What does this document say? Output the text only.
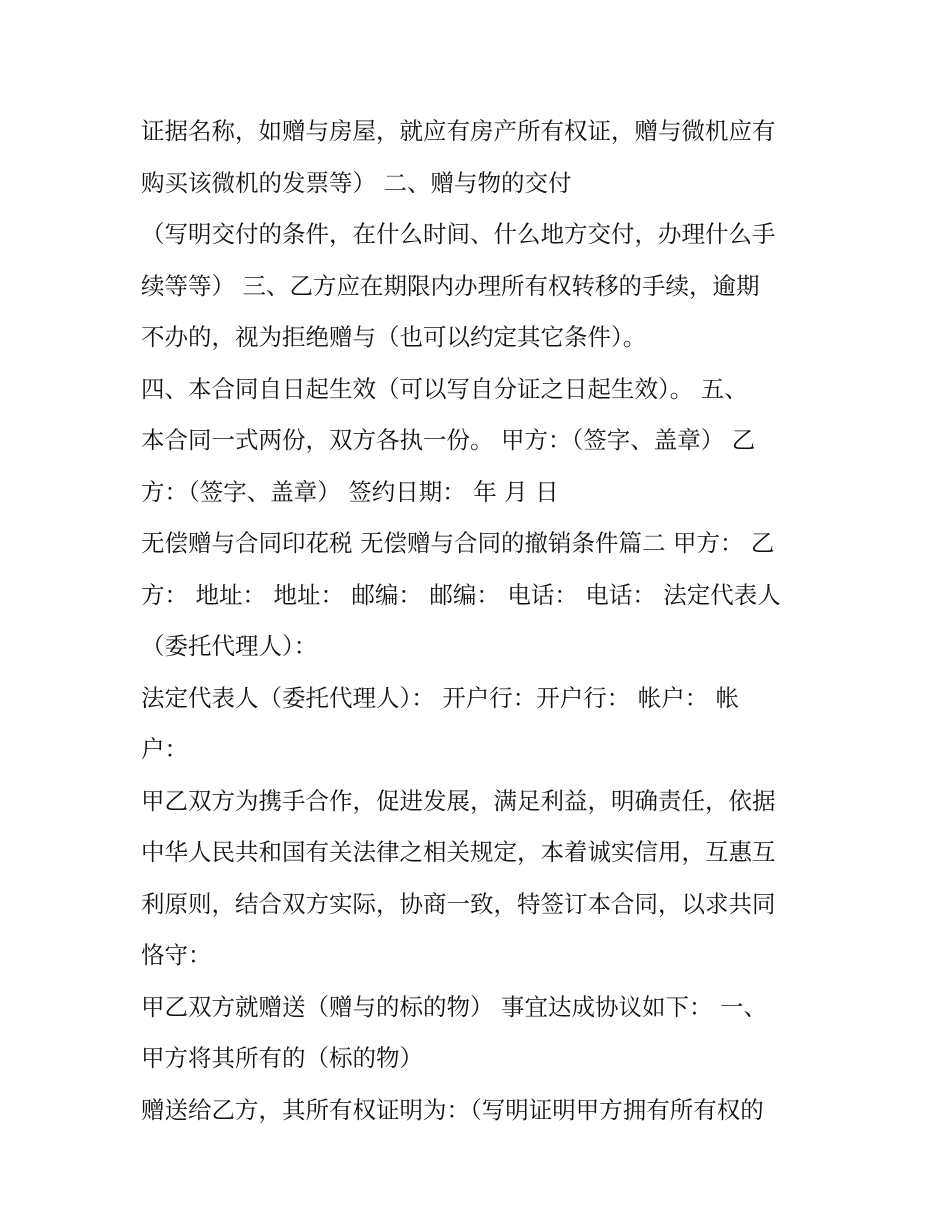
证据名称，如赠与房屋，就应有房产所有权证，赠与微机应有
购买该微机的发票等） 二、赠与物的交付
（写明交付的条件，在什么时间、什么地方交付，办理什么手
续等等） 三、乙方应在期限内办理所有权转移的手续，逾期
不办的，视为拒绝赠与（也可以约定其它条件）。
四、本合同自日起生效（可以写自分证之日起生效）。 五、
本合同一式两份，双方各执一份。 甲方：（签字、盖章） 乙
方：（签字、盖章） 签约日期： 年 月 日
无偿赠与合同印花税 无偿赠与合同的撤销条件篇二 甲方： 乙
方： 地址： 地址： 邮编： 邮编： 电话： 电话： 法定代表人
（委托代理人）：
法定代表人（委托代理人）： 开户行：开户行： 帐户： 帐
户：
甲乙双方为携手合作，促进发展，满足利益，明确责任，依据
中华人民共和国有关法律之相关规定，本着诚实信用，互惠互
利原则，结合双方实际，协商一致，特签订本合同，以求共同
恪守：
甲乙双方就赠送（赠与的标的物） 事宜达成协议如下： 一、
甲方将其所有的（标的物）
赠送给乙方，其所有权证明为：（写明证明甲方拥有所有权的
